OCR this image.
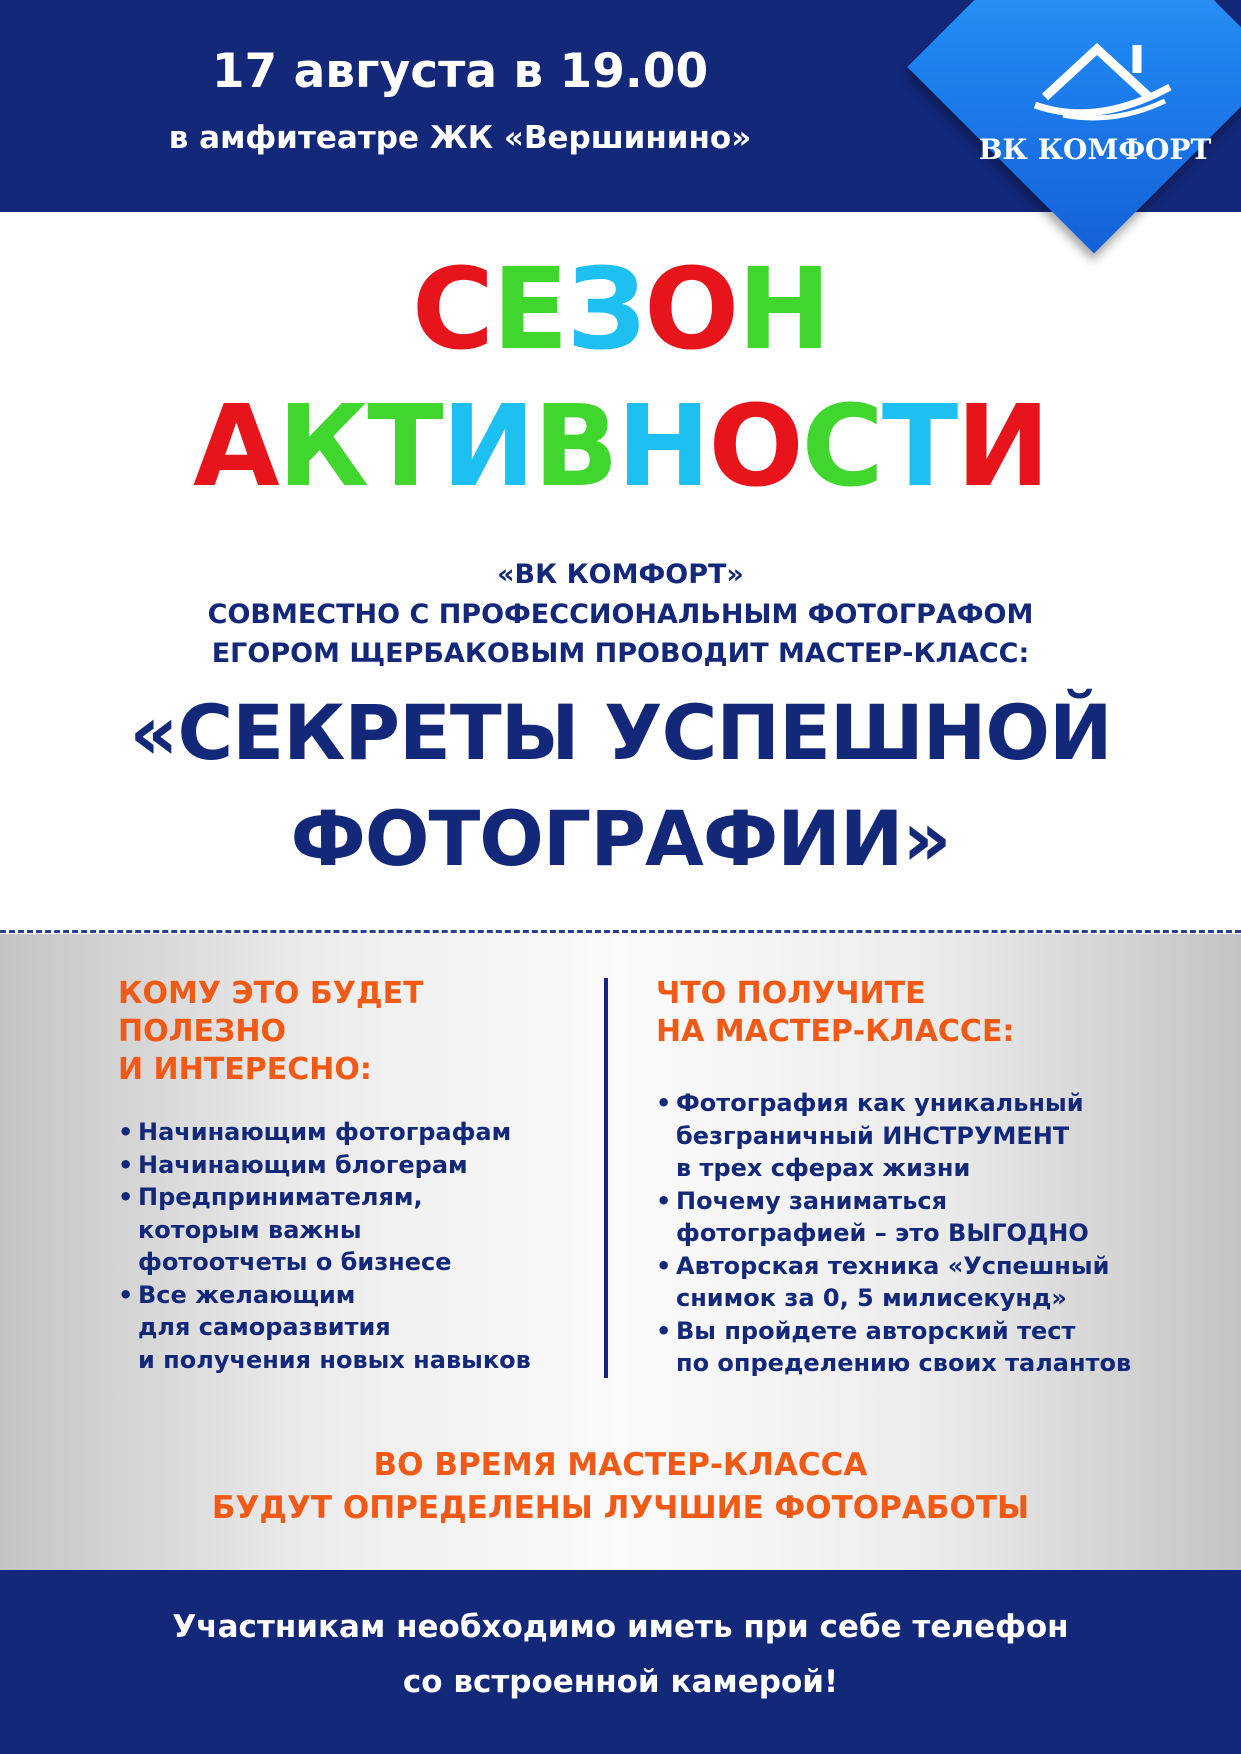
17 августа в 19.00
в амфитеатре ЖК «Вершинино»	ВК КОМФОРТ
СЕЗОН
АКТИВНОСТИ
«ВК КОМФОРТ»
СОВМЕСТНО С ПРОФЕССИОНАЛЬНЫМ ФОТОГРАФОМ
ЕГОРОМ ЩЕРБАКОВЫМ ПРОВОДИТ МАСТЕР-КЛАСС:
«СЕКРЕТЫ УСПЕШНОЙ
ФОТОГРАФИИ»
КОМУ ЭТО БУДЕТ
ПОЛЕЗНО
И ИНТЕРЕСНО:
ЧТО ПОЛУЧИТЕ
НА МАСТЕР-КЛАССЕ:
• Начинающим фотографам
• Начинающим блогерам
• Предпринимателям,
которым важны
фотоотчеты о бизнесе
• Все желающим
для саморазвития
и получения новых навыков
• Фотография как уникальный
безграничный ИНСТРУМЕНТ
в трех сферах жизни
• Почему заниматься
фотографией – это ВЫГОДНО
• Авторская техника «Успешный
снимок за 0, 5 милисекунд»
• Вы пройдете авторский тест
по определению своих талантов
ВО ВРЕМЯ МАСТЕР-КЛАССА
БУДУТ ОПРЕДЕЛЕНЫ ЛУЧШИЕ ФОТОРАБОТЫ
Участникам необходимо иметь при себе телефон
со встроенной камерой!
